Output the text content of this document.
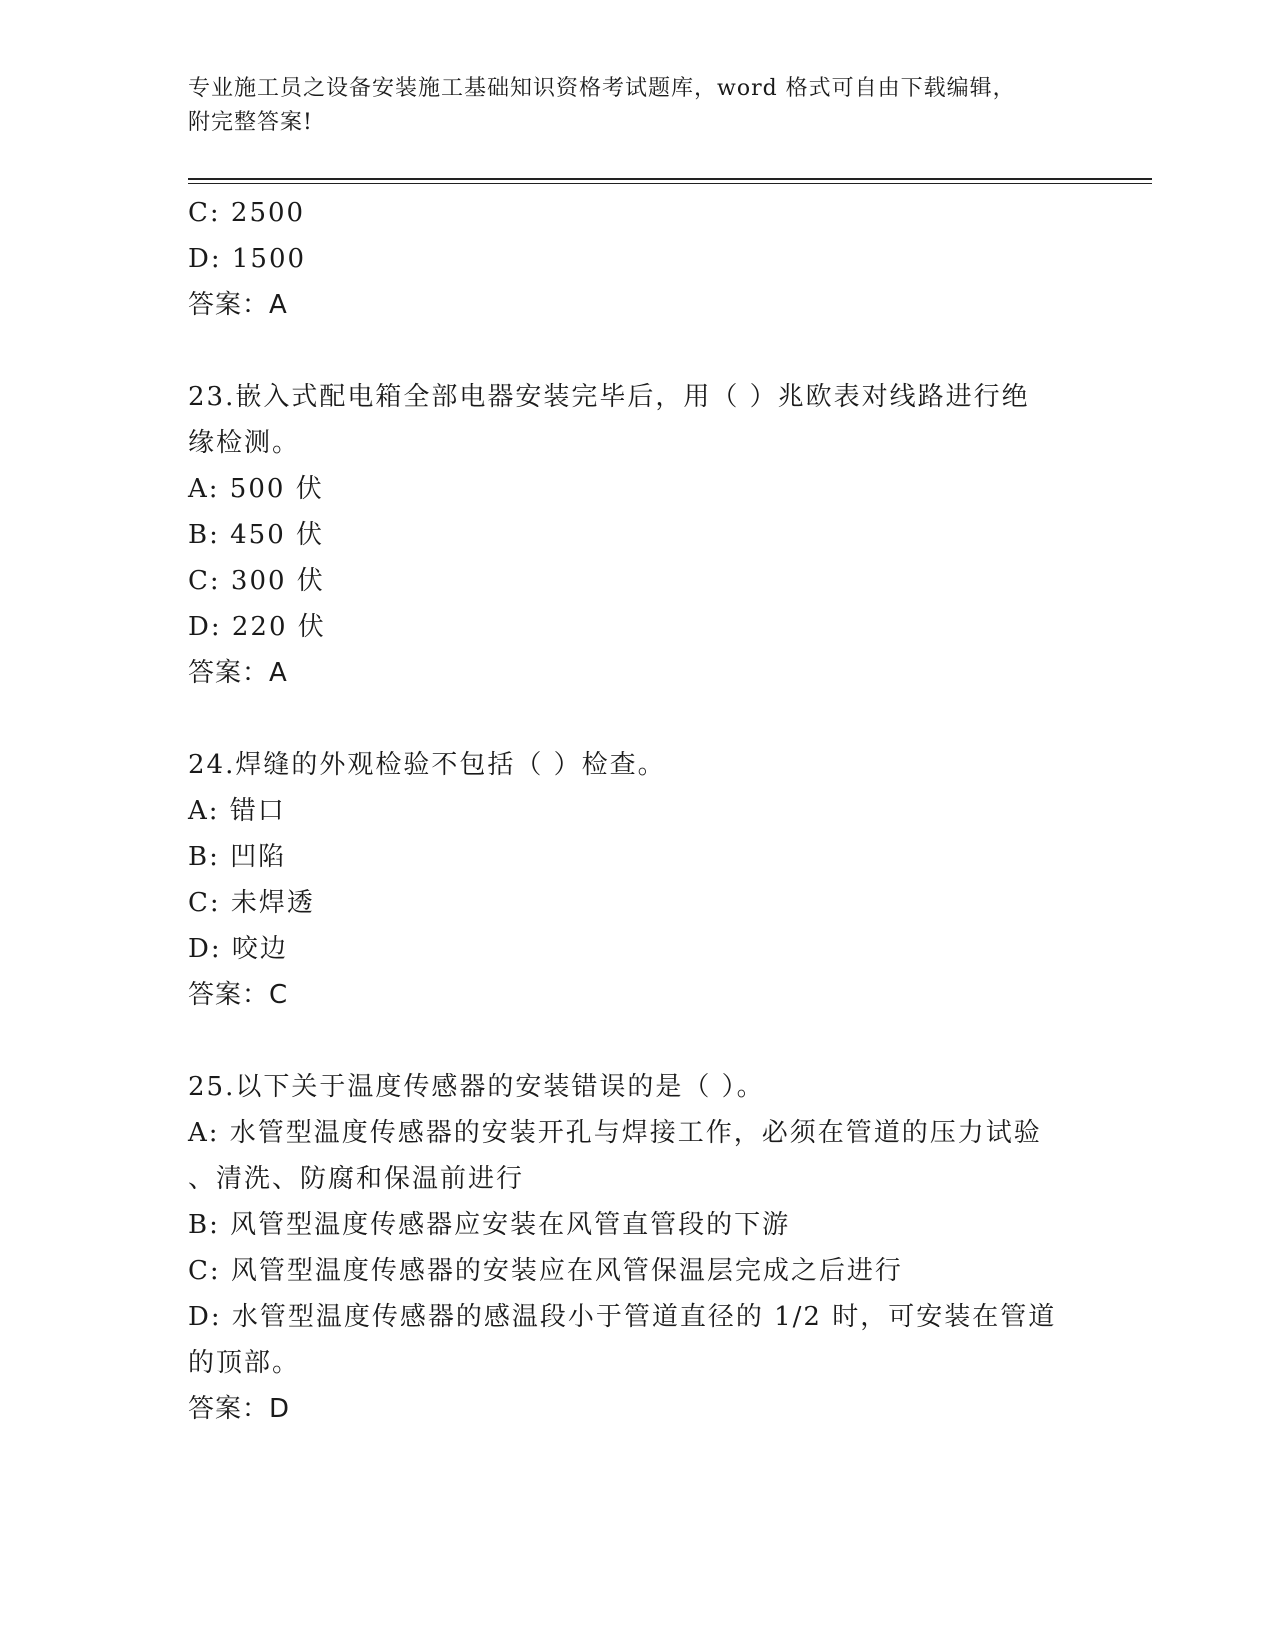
专业施工员之设备安装施工基础知识资格考试题库，word 格式可自由下载编辑，
附完整答案!
C: 2500
D: 1500
答案：A
23.嵌入式配电箱全部电器安装完毕后，用（ ）兆欧表对线路进行绝
缘检测。
A: 500 伏
B: 450 伏
C: 300 伏
D: 220 伏
答案：A
24.焊缝的外观检验不包括（ ）检查。
A: 错口
B: 凹陷
C: 未焊透
D: 咬边
答案：C
25.以下关于温度传感器的安装错误的是（ ）。
A: 水管型温度传感器的安装开孔与焊接工作，必须在管道的压力试验
、清洗、防腐和保温前进行
B: 风管型温度传感器应安装在风管直管段的下游
C: 风管型温度传感器的安装应在风管保温层完成之后进行
D: 水管型温度传感器的感温段小于管道直径的 1/2 时，可安装在管道
的顶部。
答案：D
